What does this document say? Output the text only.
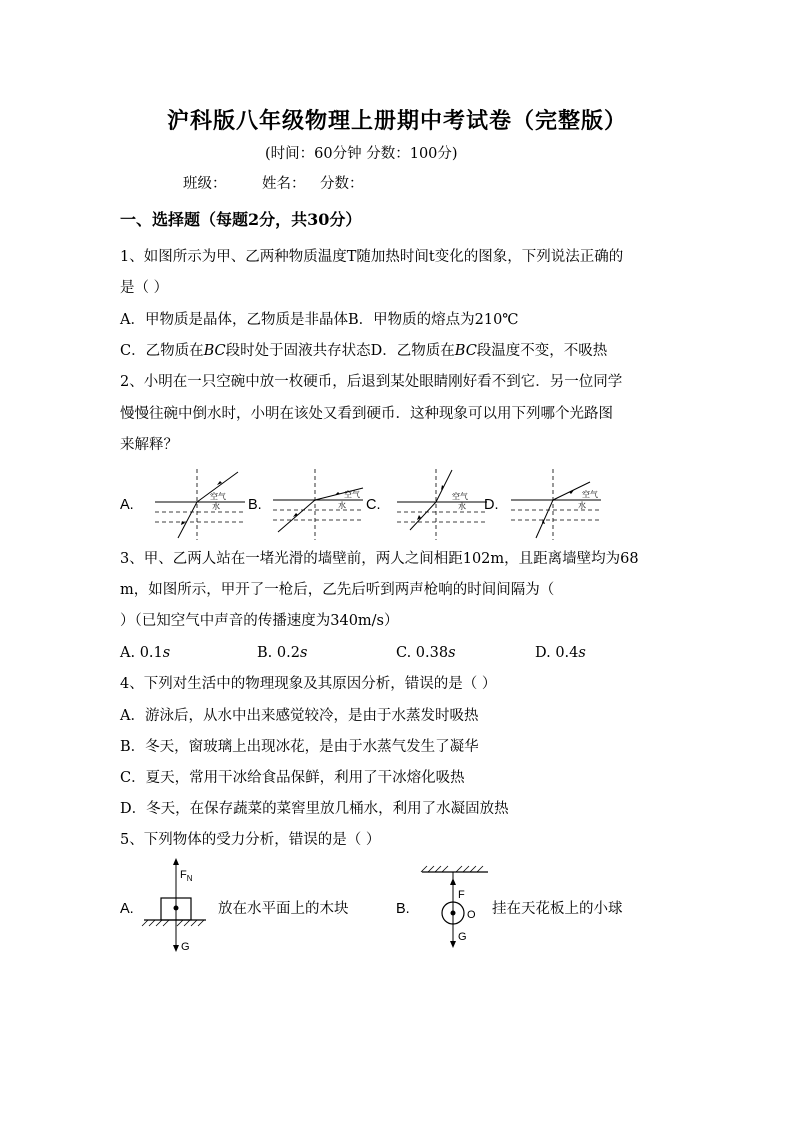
沪科版八年级物理上册期中考试卷（完整版）
(时间：60分钟 分数：100分)
班级： 姓名： 分数：
一、选择题（每题2分，共30分）
1、如图所示为甲、乙两种物质温度T随加热时间t变化的图象，下列说法正确的
是（ ）
A．甲物质是晶体，乙物质是非晶体B．甲物质的熔点为210℃
C．乙物质在BC段时处于固液共存状态D．乙物质在BC段温度不变，不吸热
2、小明在一只空碗中放一枚硬币，后退到某处眼睛刚好看不到它．另一位同学
慢慢往碗中倒水时，小明在该处又看到硬币．这种现象可以用下列哪个光路图
来解释？
A.
空气
水 B.
空气
水 C.
空气
水 D.
空气
水
3、甲、乙两人站在一堵光滑的墙壁前，两人之间相距102m，且距离墙壁均为68
m，如图所示，甲开了一枪后，乙先后听到两声枪响的时间间隔为（
）（已知空气中声音的传播速度为340m/s）
A. 0.1s	B. 0.2s	C. 0.38s	D. 0.4s
4、下列对生活中的物理现象及其原因分析，错误的是（ ）
A．游泳后，从水中出来感觉较冷，是由于水蒸发时吸热
B．冬天，窗玻璃上出现冰花，是由于水蒸气发生了凝华
C．夏天，常用干冰给食品保鲜，利用了干冰熔化吸热
D．冬天，在保存蔬菜的菜窖里放几桶水，利用了水凝固放热
5、下列物体的受力分析，错误的是（ ）
A.
$F_N$
G
放在水平面上的木块	B.
F
O
G
挂在天花板上的小球
